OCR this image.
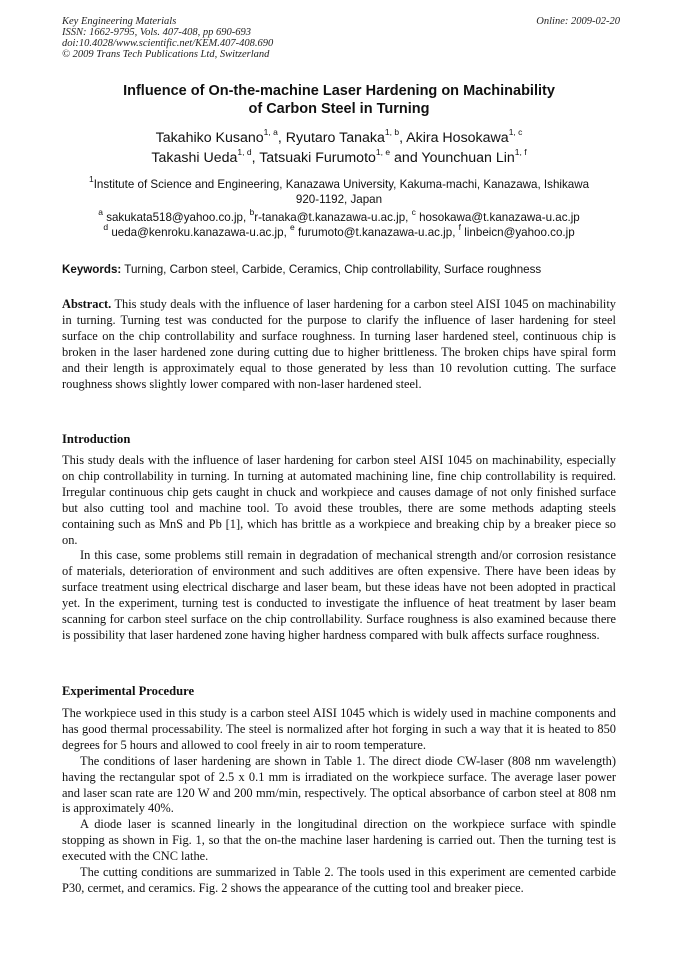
Key Engineering Materials
ISSN: 1662-9795, Vols. 407-408, pp 690-693
doi:10.4028/www.scientific.net/KEM.407-408.690
© 2009 Trans Tech Publications Ltd, Switzerland
Online: 2009-02-20
Influence of On-the-machine Laser Hardening on Machinability
of Carbon Steel in Turning
Takahiko Kusano$^{1, a}$, Ryutaro Tanaka$^{1, b}$, Akira Hosokawa$^{1, c}$
Takashi Ueda$^{1, d}$, Tatsuaki Furumoto$^{1, e}$ and Younchuan Lin$^{1, f}$
$^1$Institute of Science and Engineering, Kanazawa University, Kakuma-machi, Kanazawa, Ishikawa
920-1192, Japan
$^a$ sakukata518@yahoo.co.jp, $^b$r-tanaka@t.kanazawa-u.ac.jp, $^c$ hosokawa@t.kanazawa-u.ac.jp
$^d$ ueda@kenroku.kanazawa-u.ac.jp, $^e$ furumoto@t.kanazawa-u.ac.jp, $^f$ linbeicn@yahoo.co.jp
Keywords: Turning, Carbon steel, Carbide, Ceramics, Chip controllability, Surface roughness

Abstract. This study deals with the influence of laser hardening for a carbon steel AISI 1045 on machinability in turning. Turning test was conducted for the purpose to clarify the influence of laser hardening for steel surface on the chip controllability and surface roughness. In turning laser hardened steel, continuous chip is broken in the laser hardened zone during cutting due to higher brittleness. The broken chips have spiral form and their length is approximately equal to those generated by less than 10 revolution cutting. The surface roughness shows slightly lower compared with non-laser hardened steel.

Introduction

This study deals with the influence of laser hardening for carbon steel AISI 1045 on machinability, especially on chip controllability in turning. In turning at automated machining line, fine chip controllability is required. Irregular continuous chip gets caught in chuck and workpiece and causes damage of not only finished surface but also cutting tool and machine tool. To avoid these troubles, there are some methods adapting steels containing such as MnS and Pb [1], which has brittle as a workpiece and breaking chip by a breaker piece so on.

In this case, some problems still remain in degradation of mechanical strength and/or corrosion resistance of materials, deterioration of environment and such additives are often expensive. There have been ideas by surface treatment using electrical discharge and laser beam, but these ideas have not been adopted in practical yet. In the experiment, turning test is conducted to investigate the influence of heat treatment by laser beam scanning for carbon steel surface on the chip controllability. Surface roughness is also examined because there is possibility that laser hardened zone having higher hardness compared with bulk affects surface roughness.

Experimental Procedure

The workpiece used in this study is a carbon steel AISI 1045 which is widely used in machine components and has good thermal processability. The steel is normalized after hot forging in such a way that it is heated to 850 degrees for 5 hours and allowed to cool freely in air to room temperature.

The conditions of laser hardening are shown in Table 1. The direct diode CW-laser (808 nm wavelength) having the rectangular spot of 2.5 x 0.1 mm is irradiated on the workpiece surface. The average laser power and laser scan rate are 120 W and 200 mm/min, respectively. The optical absorbance of carbon steel at 808 nm is approximately 40%.

A diode laser is scanned linearly in the longitudinal direction on the workpiece surface with spindle stopping as shown in Fig. 1, so that the on-the machine laser hardening is carried out. Then the turning test is executed with the CNC lathe.

The cutting conditions are summarized in Table 2. The tools used in this experiment are cemented carbide P30, cermet, and ceramics. Fig. 2 shows the appearance of the cutting tool and breaker piece.
